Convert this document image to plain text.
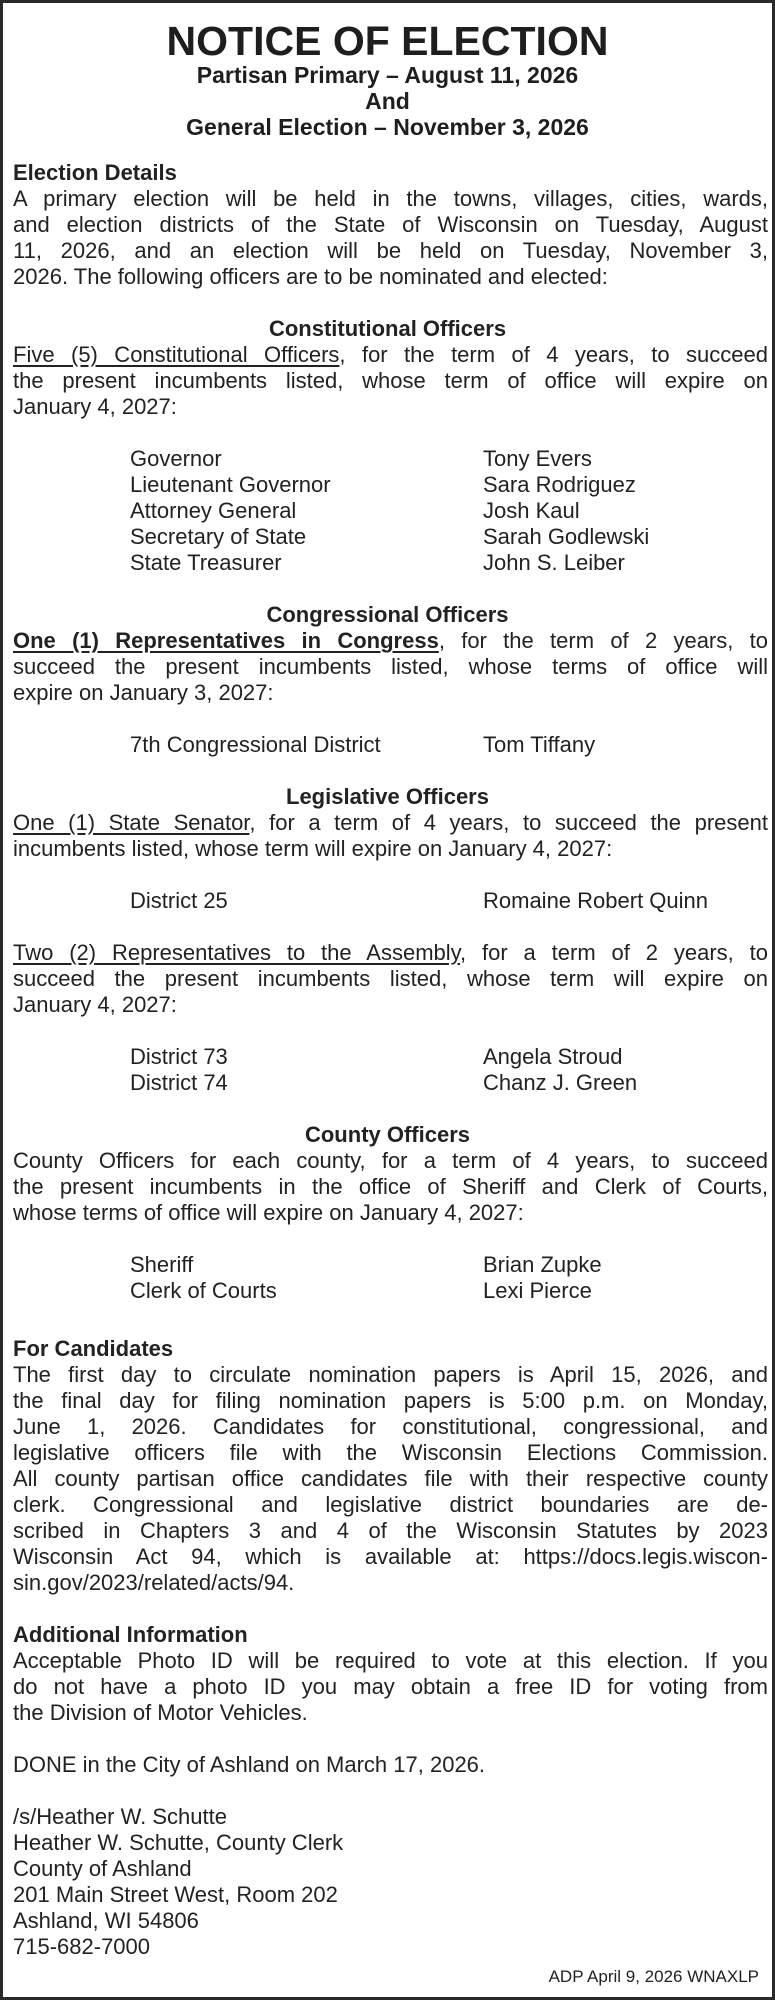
NOTICE OF ELECTION
Partisan Primary – August 11, 2026
And
General Election – November 3, 2026
Election Details
A primary election will be held in the towns, villages, cities, wards,
and election districts of the State of Wisconsin on Tuesday, August
11, 2026, and an election will be held on Tuesday, November 3,
2026. The following officers are to be nominated and elected:
Constitutional Officers
Five (5) Constitutional Officers, for the term of 4 years, to succeed
the present incumbents listed, whose term of office will expire on
January 4, 2027:
Governor	Tony Evers
Lieutenant Governor	Sara Rodriguez
Attorney General	Josh Kaul
Secretary of State	Sarah Godlewski
State Treasurer	John S. Leiber
Congressional Officers
One (1) Representatives in Congress, for the term of 2 years, to
succeed the present incumbents listed, whose terms of office will
expire on January 3, 2027:
7th Congressional District	Tom Tiffany
Legislative Officers
One (1) State Senator, for a term of 4 years, to succeed the present
incumbents listed, whose term will expire on January 4, 2027:
District 25	Romaine Robert Quinn
Two (2) Representatives to the Assembly, for a term of 2 years, to
succeed the present incumbents listed, whose term will expire on
January 4, 2027:
District 73	Angela Stroud
District 74	Chanz J. Green
County Officers
County Officers for each county, for a term of 4 years, to succeed
the present incumbents in the office of Sheriff and Clerk of Courts,
whose terms of office will expire on January 4, 2027:
Sheriff	Brian Zupke
Clerk of Courts	Lexi Pierce
For Candidates
The first day to circulate nomination papers is April 15, 2026, and
the final day for filing nomination papers is 5:00 p.m. on Monday,
June 1, 2026. Candidates for constitutional, congressional, and
legislative officers file with the Wisconsin Elections Commission.
All county partisan office candidates file with their respective county
clerk. Congressional and legislative district boundaries are de-
scribed in Chapters 3 and 4 of the Wisconsin Statutes by 2023
Wisconsin Act 94, which is available at: https://docs.legis.wiscon-
sin.gov/2023/related/acts/94.
Additional Information
Acceptable Photo ID will be required to vote at this election. If you
do not have a photo ID you may obtain a free ID for voting from
the Division of Motor Vehicles.
DONE in the City of Ashland on March 17, 2026.
/s/Heather W. Schutte
Heather W. Schutte, County Clerk
County of Ashland
201 Main Street West, Room 202
Ashland, WI 54806
715-682-7000
ADP April 9, 2026 WNAXLP
